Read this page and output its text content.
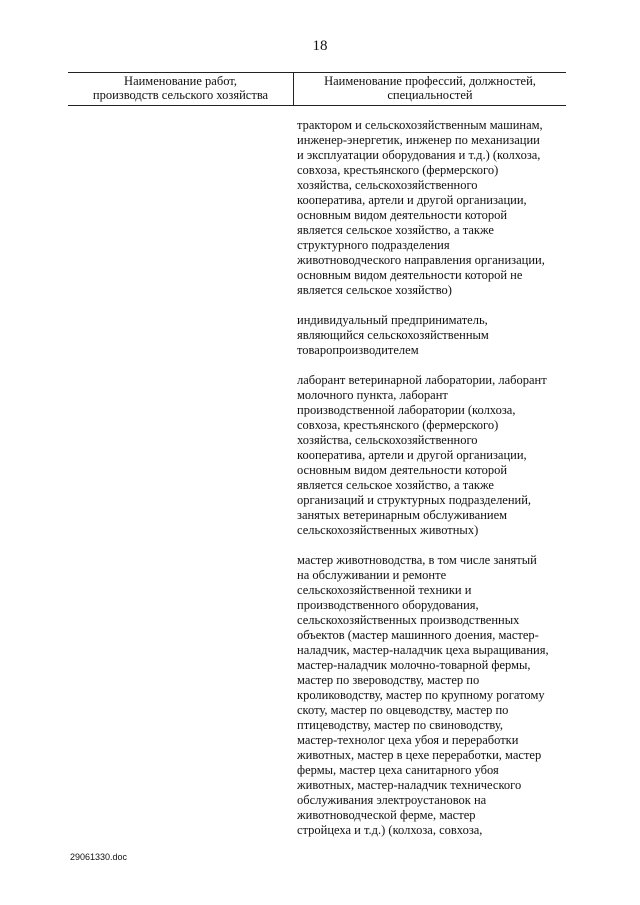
18
Наименование работ,
производств сельского хозяйства
Наименование профессий, должностей,
специальностей
трактором и сельскохозяйственным машинам,
инженер-энергетик, инженер по механизации
и эксплуатации оборудования и т.д.) (колхоза,
совхоза, крестьянского (фермерского)
хозяйства, сельскохозяйственного
кооператива, артели и другой организации,
основным видом деятельности которой
является сельское хозяйство, а также
структурного подразделения
животноводческого направления организации,
основным видом деятельности которой не
является сельское хозяйство)
индивидуальный предприниматель,
являющийся сельскохозяйственным
товаропроизводителем
лаборант ветеринарной лаборатории, лаборант
молочного пункта, лаборант
производственной лаборатории (колхоза,
совхоза, крестьянского (фермерского)
хозяйства, сельскохозяйственного
кооператива, артели и другой организации,
основным видом деятельности которой
является сельское хозяйство, а также
организаций и структурных подразделений,
занятых ветеринарным обслуживанием
сельскохозяйственных животных)
мастер животноводства, в том числе занятый
на обслуживании и ремонте
сельскохозяйственной техники и
производственного оборудования,
сельскохозяйственных производственных
объектов (мастер машинного доения, мастер-
наладчик, мастер-наладчик цеха выращивания,
мастер-наладчик молочно-товарной фермы,
мастер по звероводству, мастер по
кролиководству, мастер по крупному рогатому
скоту, мастер по овцеводству, мастер по
птицеводству, мастер по свиноводству,
мастер-технолог цеха убоя и переработки
животных, мастер в цехе переработки, мастер
фермы, мастер цеха санитарного убоя
животных, мастер-наладчик технического
обслуживания электроустановок на
животноводческой ферме, мастер
стройцеха и т.д.) (колхоза, совхоза,
29061330.doc
